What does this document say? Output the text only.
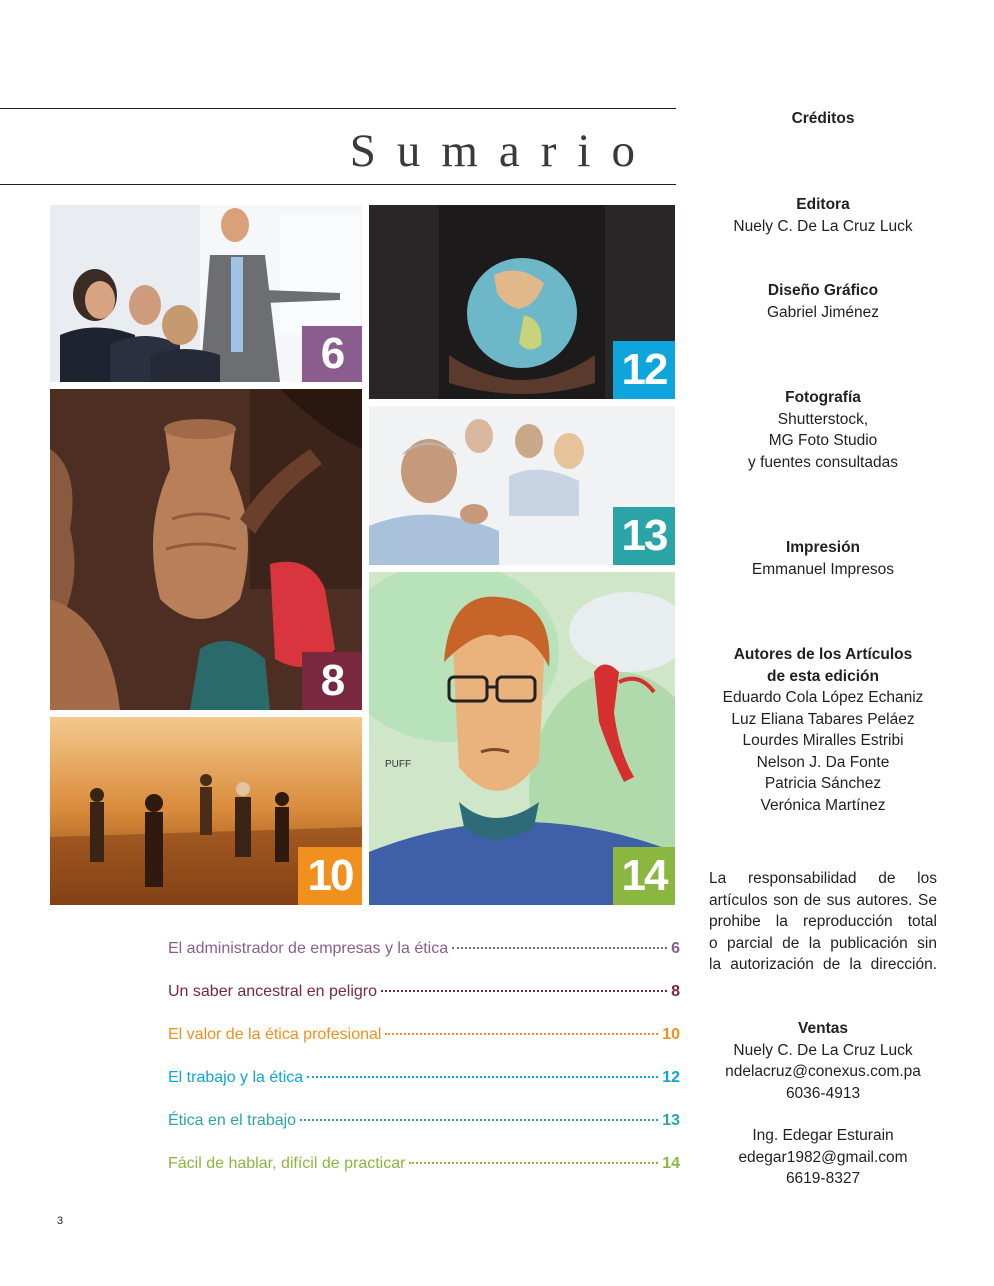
Sumario
6	12
13
8
10
PUFF
14
El administrador de empresas y la ética	6
Un saber ancestral en peligro	8
El valor de la ética profesional	10
El trabajo y la ética	12
Ética en el trabajo	13
Fácil de hablar, difícil de practicar	14
Créditos
Editora
Nuely C. De La Cruz Luck
Diseño Gráfico
Gabriel Jiménez
Fotografía
Shutterstock,
MG Foto Studio
y fuentes consultadas
Impresión
Emmanuel Impresos
Autores de los Artículos
de esta edición
Eduardo Cola López Echaniz
Luz Eliana Tabares Peláez
Lourdes Miralles Estribi
Nelson J. Da Fonte
Patricia Sánchez
Verónica Martínez
La responsabilidad de los
artículos son de sus autores. Se
prohibe la reproducción total
o parcial de la publicación sin
la autorización de la dirección.
Ventas
Nuely C. De La Cruz Luck
ndelacruz@conexus.com.pa
6036-4913
Ing. Edegar Esturain
edegar1982@gmail.com
6619-8327
3
